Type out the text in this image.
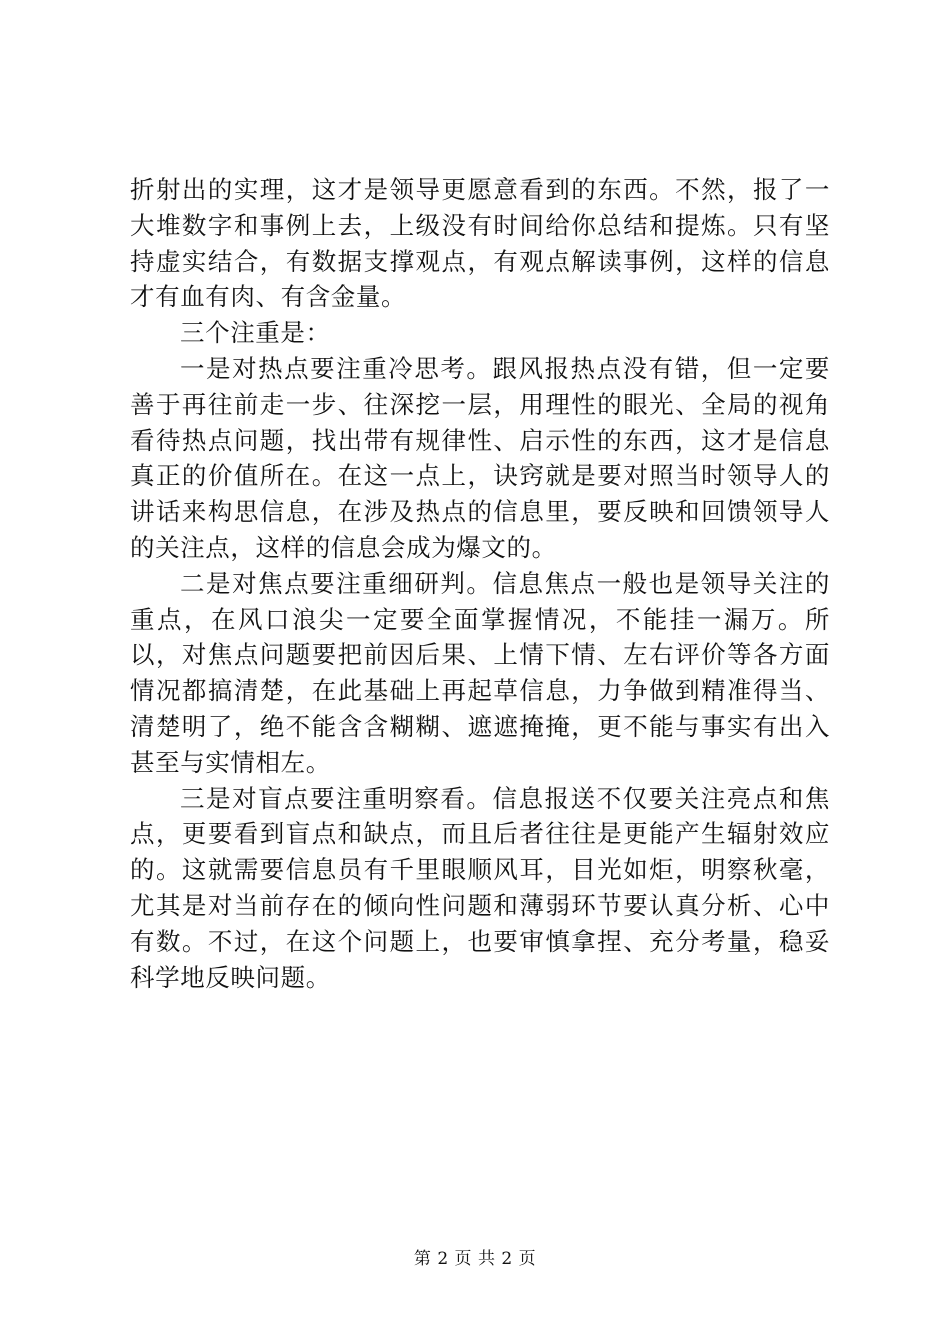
折射出的实理，这才是领导更愿意看到的东西。不然，报了一大堆数字和事例上去，上级没有时间给你总结和提炼。只有坚持虚实结合，有数据支撑观点，有观点解读事例，这样的信息才有血有肉、有含金量。

三个注重是：

一是对热点要注重冷思考。跟风报热点没有错，但一定要善于再往前走一步、往深挖一层，用理性的眼光、全局的视角看待热点问题，找出带有规律性、启示性的东西，这才是信息真正的价值所在。在这一点上，诀窍就是要对照当时领导人的讲话来构思信息，在涉及热点的信息里，要反映和回馈领导人的关注点，这样的信息会成为爆文的。

二是对焦点要注重细研判。信息焦点一般也是领导关注的重点，在风口浪尖一定要全面掌握情况，不能挂一漏万。所以，对焦点问题要把前因后果、上情下情、左右评价等各方面情况都搞清楚，在此基础上再起草信息，力争做到精准得当、清楚明了，绝不能含含糊糊、遮遮掩掩，更不能与事实有出入甚至与实情相左。

三是对盲点要注重明察看。信息报送不仅要关注亮点和焦点，更要看到盲点和缺点，而且后者往往是更能产生辐射效应的。这就需要信息员有千里眼顺风耳，目光如炬，明察秋毫，尤其是对当前存在的倾向性问题和薄弱环节要认真分析、心中有数。不过，在这个问题上，也要审慎拿捏、充分考量，稳妥科学地反映问题。

第 2 页 共 2 页
